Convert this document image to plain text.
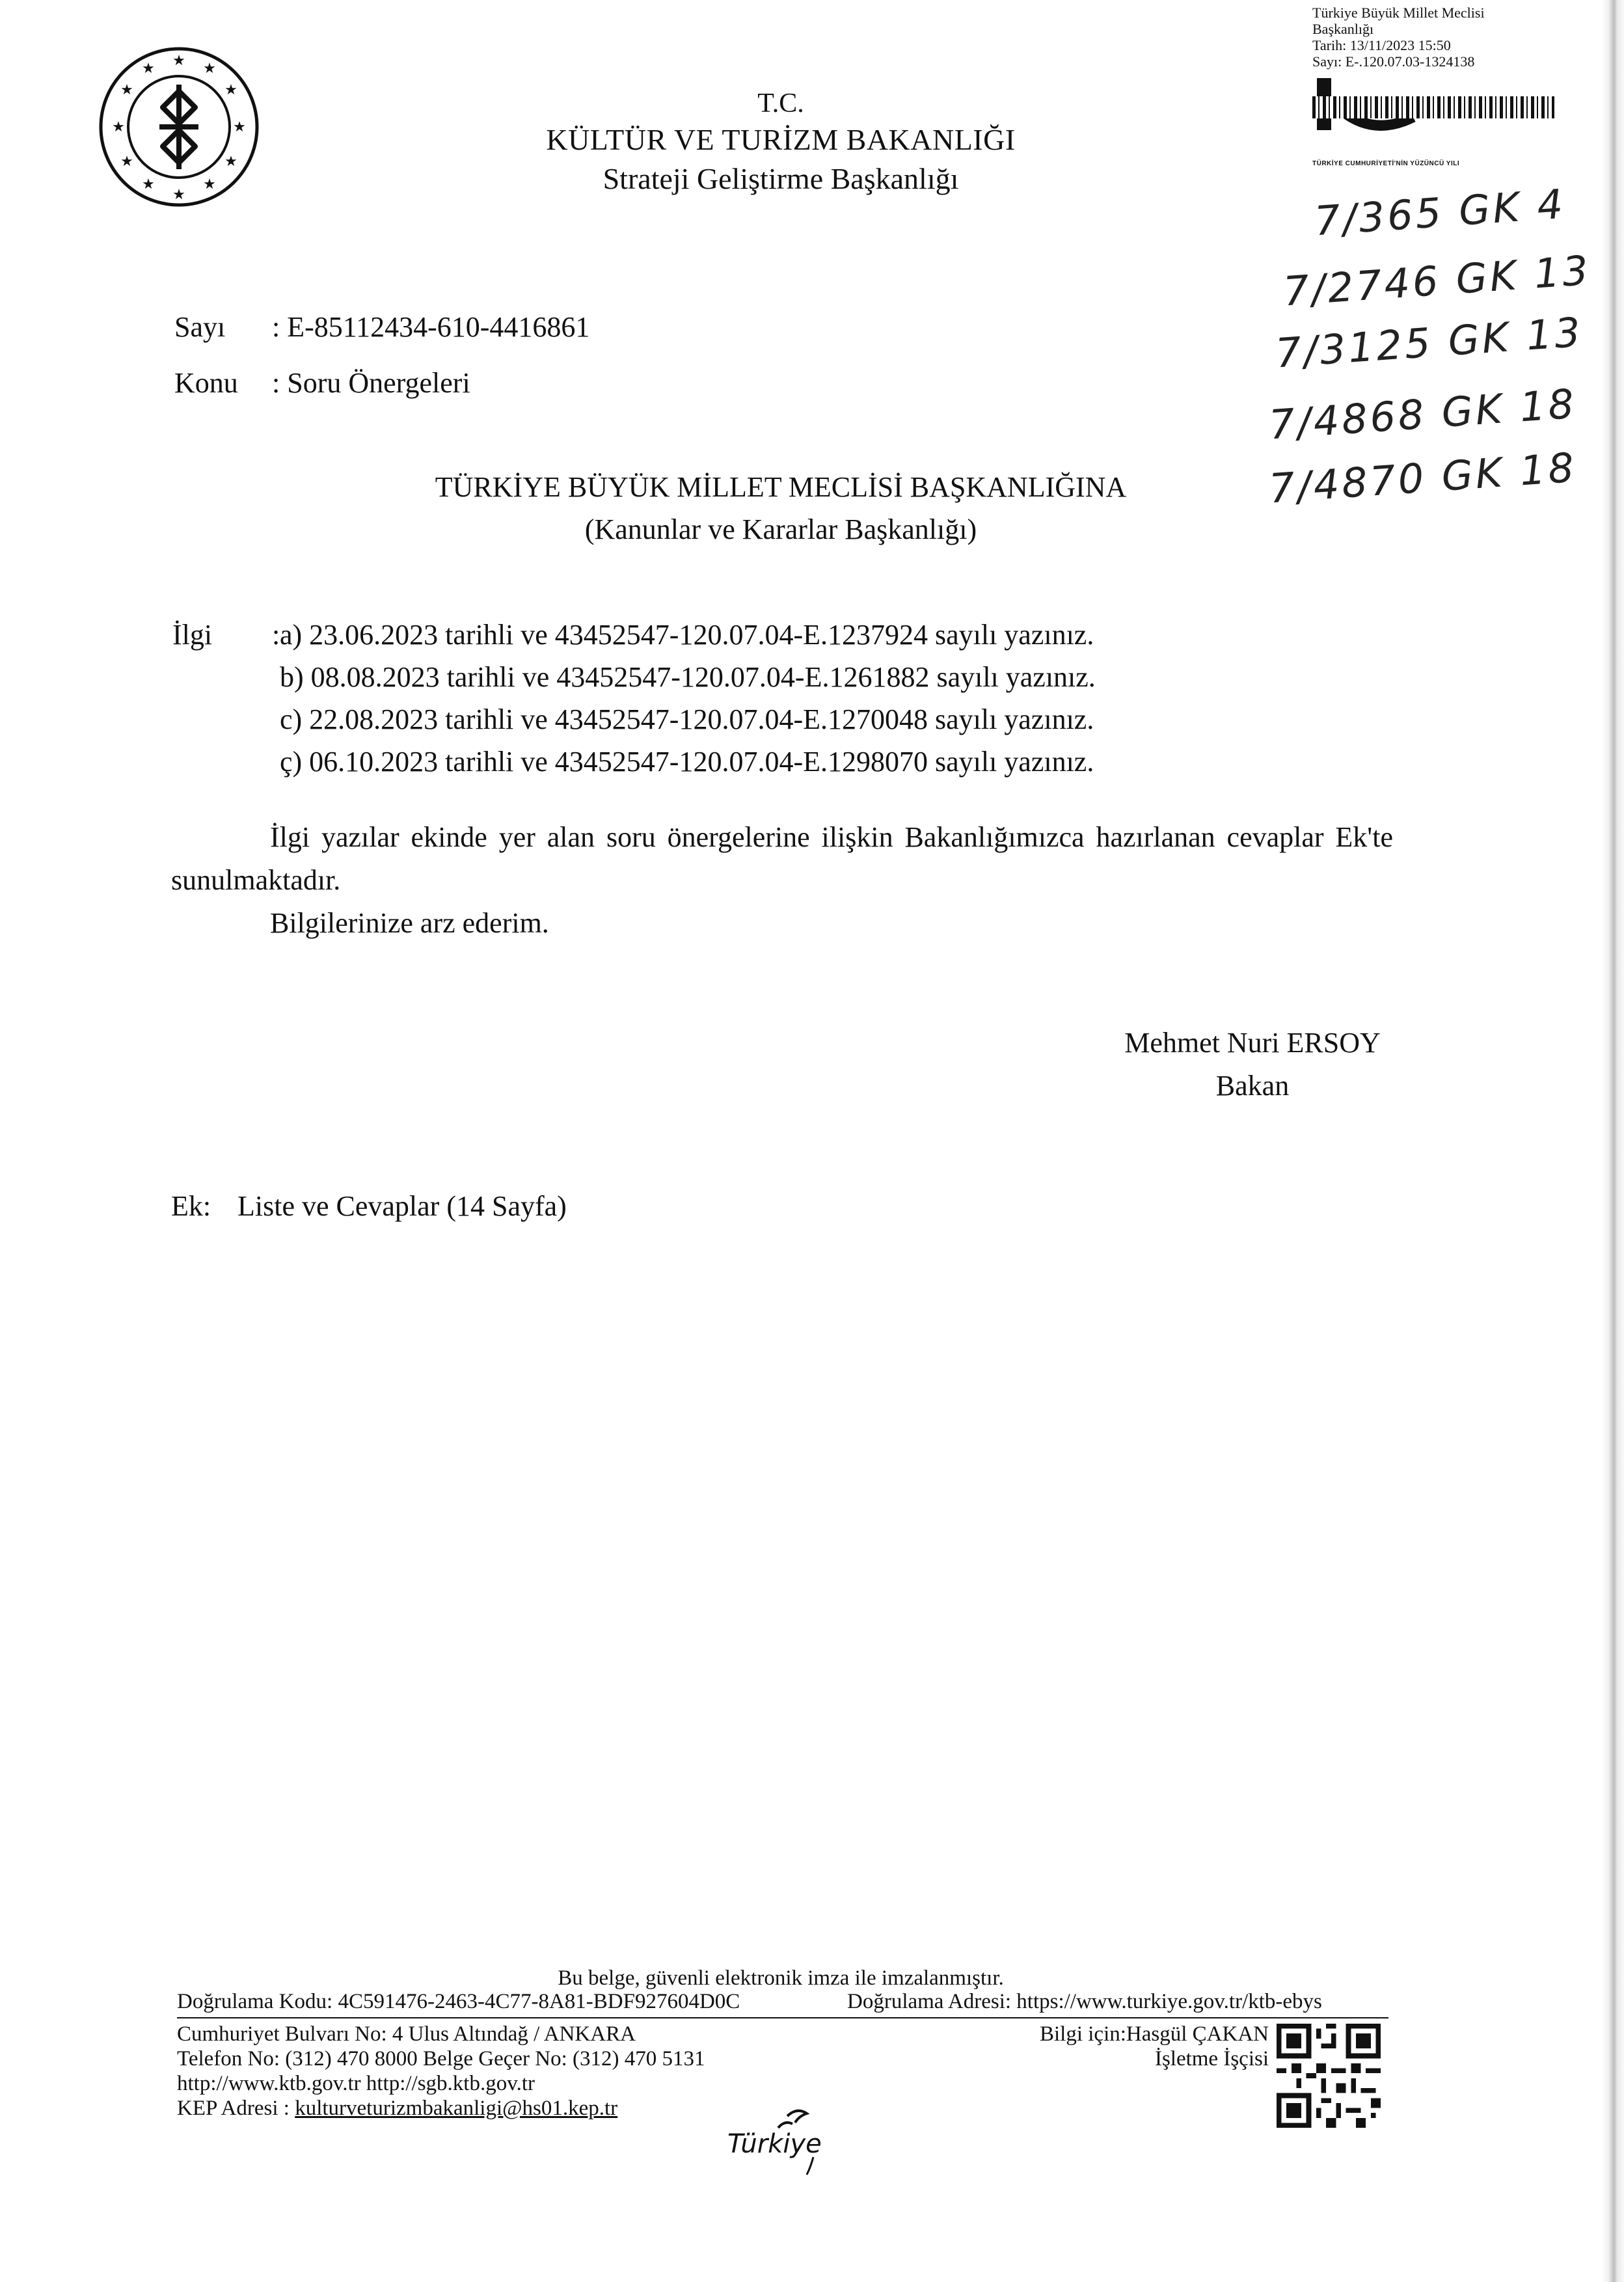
★ ★
★
★
★
★
★
★
★
★
★
★
T.C.
KÜLTÜR VE TURİZM BAKANLIĞI
Strateji Geliştirme Başkanlığı
Türkiye Büyük Millet Meclisi
Başkanlığı
Tarih: 13/11/2023 15:50
Sayı: E-.120.07.03-1324138
TÜRKİYE CUMHURİYETİ'NİN YÜZÜNCÜ YILI
7/365 GK 4
7/2746 GK 13
7/3125 GK 13
7/4868 GK 18
7/4870 GK 18
Sayı : E-85112434-610-4416861
Konu : Soru Önergeleri
TÜRKİYE BÜYÜK MİLLET MECLİSİ BAŞKANLIĞINA
(Kanunlar ve Kararlar Başkanlığı)
İlgi : a) 23.06.2023 tarihli ve 43452547-120.07.04-E.1237924 sayılı yazınız.
b) 08.08.2023 tarihli ve 43452547-120.07.04-E.1261882 sayılı yazınız.
c) 22.08.2023 tarihli ve 43452547-120.07.04-E.1270048 sayılı yazınız.
ç) 06.10.2023 tarihli ve 43452547-120.07.04-E.1298070 sayılı yazınız.
İlgi yazılar ekinde yer alan soru önergelerine ilişkin Bakanlığımızca hazırlanan cevaplar Ek'te sunulmaktadır.
Bilgilerinize arz ederim.
Mehmet Nuri ERSOY
Bakan
Ek: Liste ve Cevaplar (14 Sayfa)
Bu belge, güvenli elektronik imza ile imzalanmıştır.
Doğrulama Kodu: 4C591476-2463-4C77-8A81-BDF927604D0C	Doğrulama Adresi: https://www.turkiye.gov.tr/ktb-ebys
Cumhuriyet Bulvarı No: 4 Ulus Altındağ / ANKARA
Telefon No: (312) 470 8000 Belge Geçer No: (312) 470 5131
http://www.ktb.gov.tr http://sgb.ktb.gov.tr
KEP Adresi : kulturveturizmbakanligi@hs01.kep.tr
Bilgi için:Hasgül ÇAKAN
İşletme İşçisi
Türkiye
